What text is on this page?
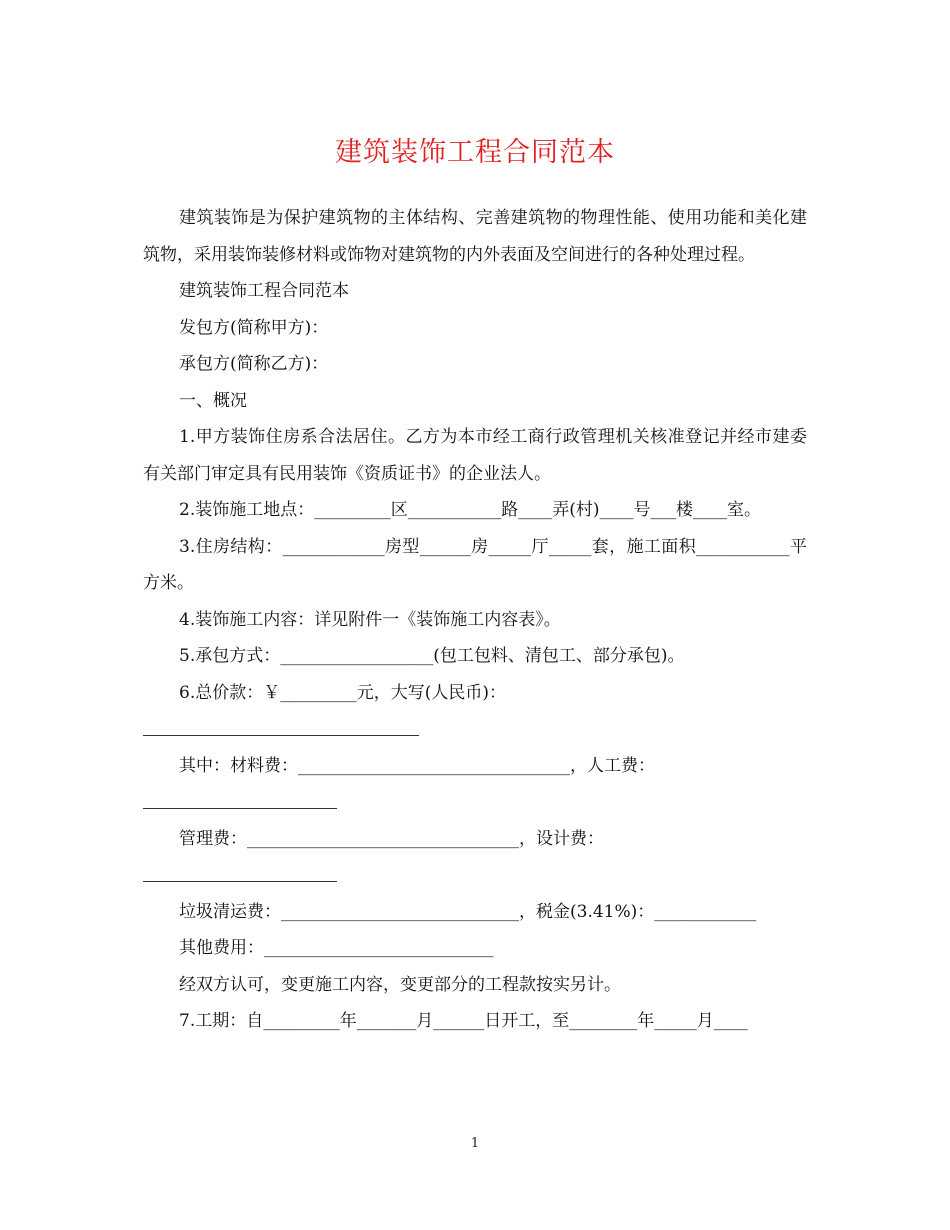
建筑装饰工程合同范本

建筑装饰是为保护建筑物的主体结构、完善建筑物的物理性能、使用功能和美化建筑物，采用装饰装修材料或饰物对建筑物的内外表面及空间进行的各种处理过程。

建筑装饰工程合同范本

发包方(简称甲方)：

承包方(简称乙方)：

一、概况

1.甲方装饰住房系合法居住。乙方为本市经工商行政管理机关核准登记并经市建委有关部门审定具有民用装饰《资质证书》的企业法人。

2.装饰施工地点：_________区___________路____弄(村)____号___楼____室。

3.住房结构：____________房型______房_____厅_____套，施工面积___________平方米。

4.装饰施工内容：详见附件一《装饰施工内容表》。

5.承包方式：__________________(包工包料、清包工、部分承包)。

6.总价款：￥_________元，大写(人民币)：

其中：材料费：________________________________，人工费：

管理费：________________________________，设计费：

垃圾清运费：____________________________，税金(3.41%)：____________

其他费用：___________________________

经双方认可，变更施工内容，变更部分的工程款按实另计。

7.工期：自_________年_______月______日开工，至________年_____月____

1
